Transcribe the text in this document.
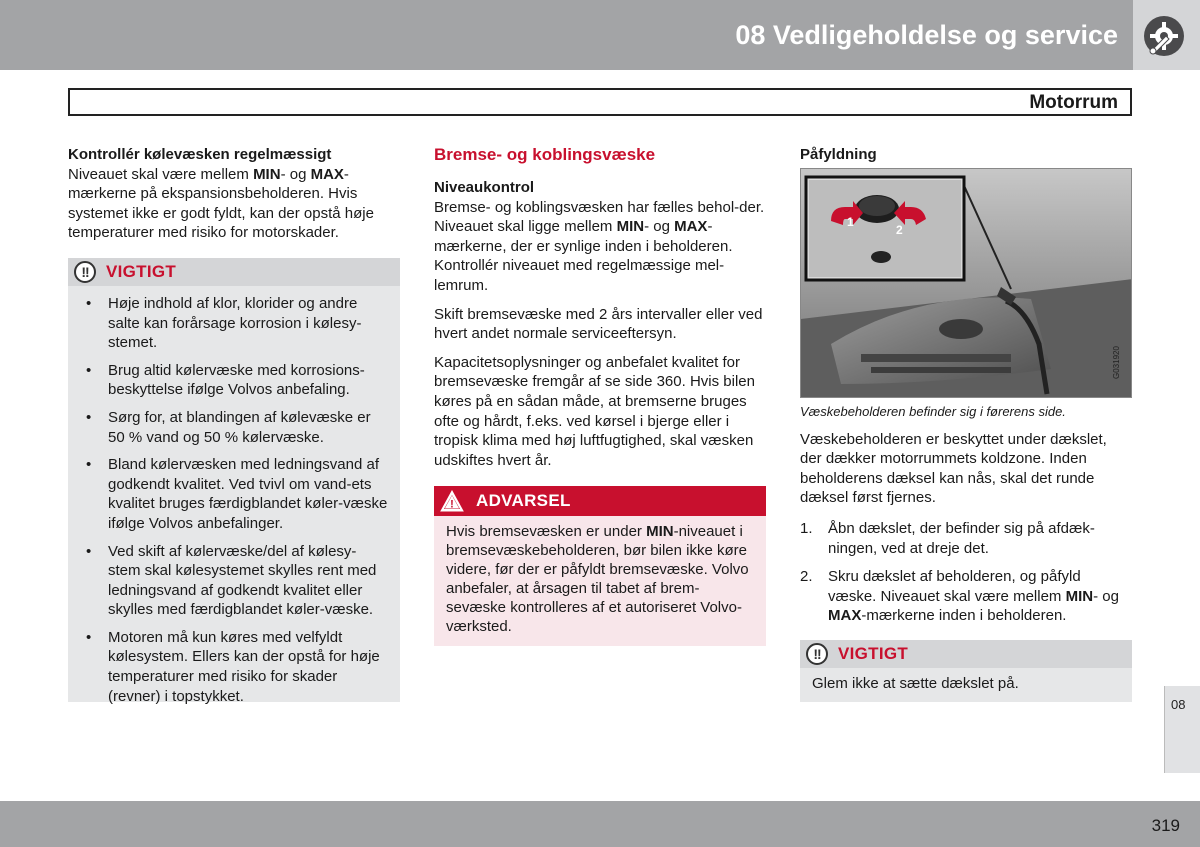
08 Vedligeholdelse og service
Motorrum
Kontrollér kølevæsken regelmæssigt

Niveauet skal være mellem MIN- og MAX-mærkerne på ekspansionsbeholderen. Hvis systemet ikke er godt fyldt, kan der opstå høje temperaturer med risiko for motorskader.

!!	VIGTIGT
• Høje indhold af klor, klorider og andre salte kan forårsage korrosion i kølesy-stemet.
• Brug altid kølervæske med korrosions-beskyttelse ifølge Volvos anbefaling.
• Sørg for, at blandingen af kølevæske er 50 % vand og 50 % kølervæske.
• Bland kølervæsken med ledningsvand af godkendt kvalitet. Ved tvivl om vand-ets kvalitet bruges færdigblandet køler-væske ifølge Volvos anbefalinger.
• Ved skift af kølervæske/del af kølesy-stem skal kølesystemet skylles rent med ledningsvand af godkendt kvalitet eller skylles med færdigblandet køler-væske.
• Motoren må kun køres med velfyldt kølesystem. Ellers kan der opstå for høje temperaturer med risiko for skader (revner) i topstykket.
Bremse- og koblingsvæske
Niveaukontrol

Bremse- og koblingsvæsken har fælles behol-der. Niveauet skal ligge mellem MIN- og MAX-mærkerne, der er synlige inden i beholderen. Kontrollér niveauet med regelmæssige mel-lemrum.

Skift bremsevæske med 2 års intervaller eller ved hvert andet normale serviceeftersyn.

Kapacitetsoplysninger og anbefalet kvalitet for bremsevæske fremgår af se side 360. Hvis bilen køres på en sådan måde, at bremserne bruges ofte og hårdt, f.eks. ved kørsel i bjerge eller i tropisk klima med høj luftfugtighed, skal væsken udskiftes hvert år.

! ADVARSEL
Hvis bremsevæsken er under MIN-niveauet i bremsevæskebeholderen, bør bilen ikke køre videre, før der er påfyldt bremsevæske. Volvo anbefaler, at årsagen til tabet af brem-sevæske kontrolleres af et autoriseret Volvo-værksted.
Påfyldning
1
2
G031920
Væskebeholderen befinder sig i førerens side.

Væskebeholderen er beskyttet under dækslet, der dækker motorrummets koldzone. Inden beholderens dæksel kan nås, skal det runde dæksel først fjernes.

1. Åbn dækslet, der befinder sig på afdæk-ningen, ved at dreje det.
2. Skru dækslet af beholderen, og påfyld væske. Niveauet skal være mellem MIN- og MAX-mærkerne inden i beholderen.
!!	VIGTIGT
Glem ikke at sætte dækslet på.
08
319
